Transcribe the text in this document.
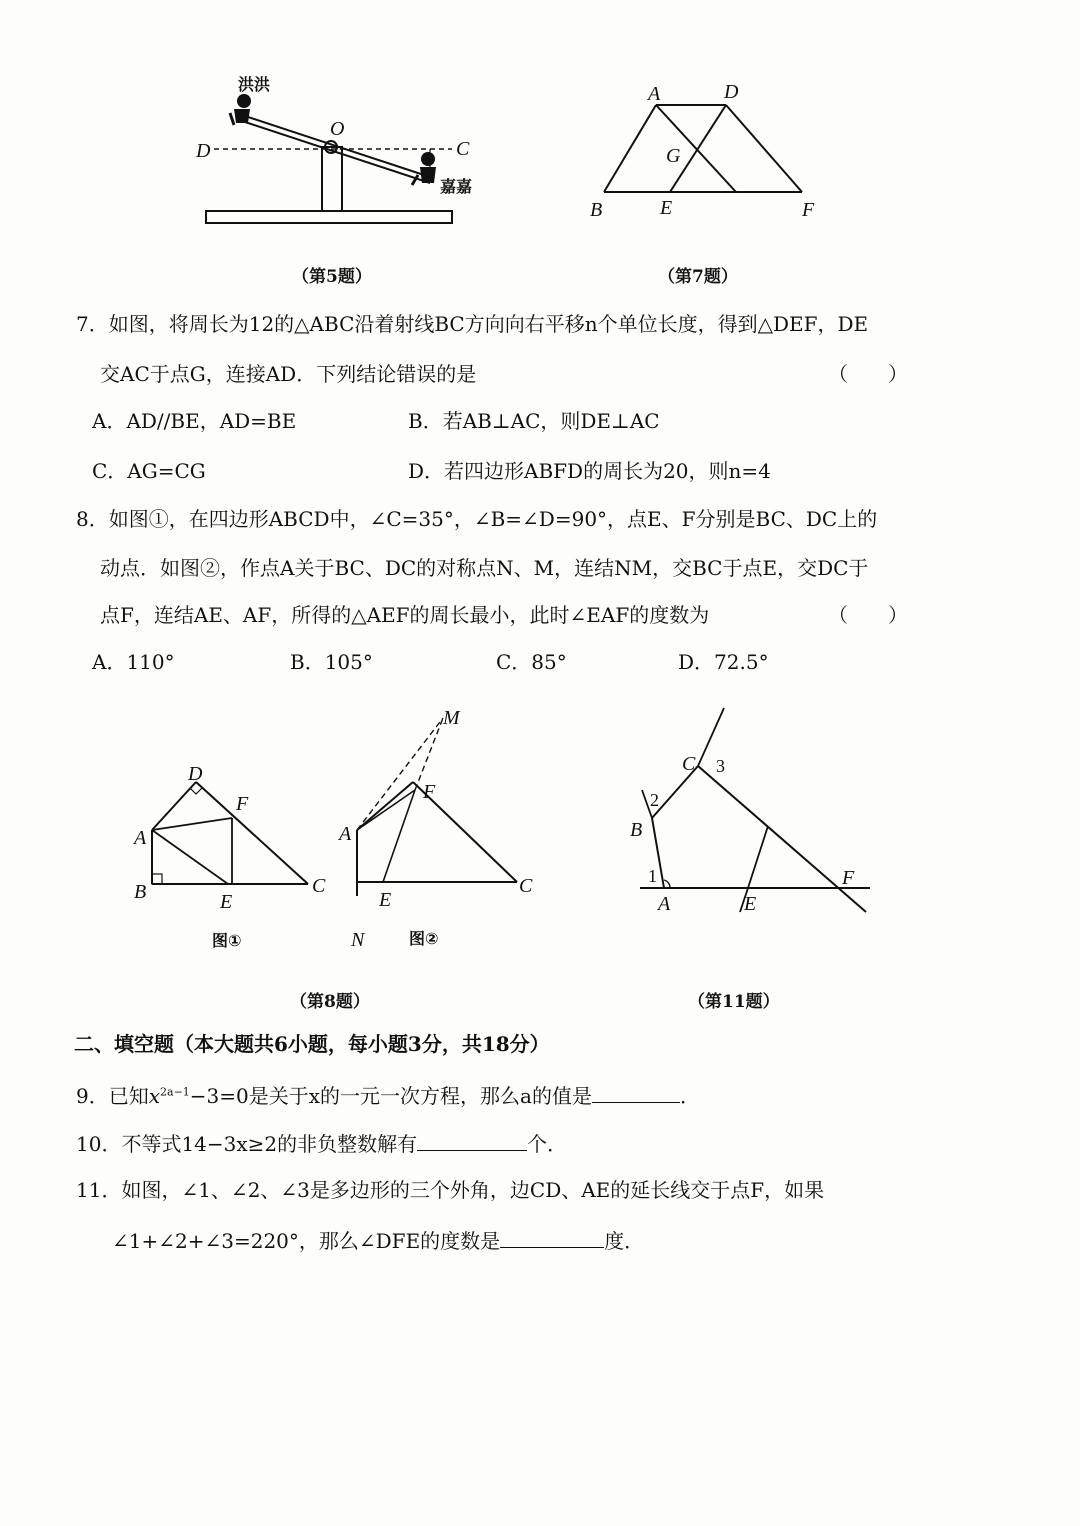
洪洪
O
D	C
嘉嘉
（第5题）
A	D
G
B	E	F
（第7题）
7．如图，将周长为12的△ABC沿着射线BC方向向右平移n个单位长度，得到△DEF，DE
交AC于点G，连接AD．下列结论错误的是	（　　）
A．AD//BE，AD=BE	B．若AB⊥AC，则DE⊥AC
C．AG=CG	D．若四边形ABFD的周长为20，则n=4
8．如图①，在四边形ABCD中，∠C=35°，∠B=∠D=90°，点E、F分别是BC、DC上的
动点．如图②，作点A关于BC、DC的对称点N、M，连结NM，交BC于点E，交DC于
点F，连结AE、AF，所得的△AEF的周长最小，此时∠EAF的度数为	（　　）
A．110°	B．105°	C．85°	D．72.5°
D
F
A
B	E
C
图①
M
F
A
E
C
N	图②
（第8题）
1
2
3
C
B
A	E
F
（第11题）
二、填空题（本大题共6小题，每小题3分，共18分）
9．已知$x^{2a-1}-3=0$是关于x的一元一次方程，那么a的值是	．
10．不等式14−3x≥2的非负整数解有	个．
11．如图，∠1、∠2、∠3是多边形的三个外角，边CD、AE的延长线交于点F，如果
∠1+∠2+∠3=220°，那么∠DFE的度数是	度．
